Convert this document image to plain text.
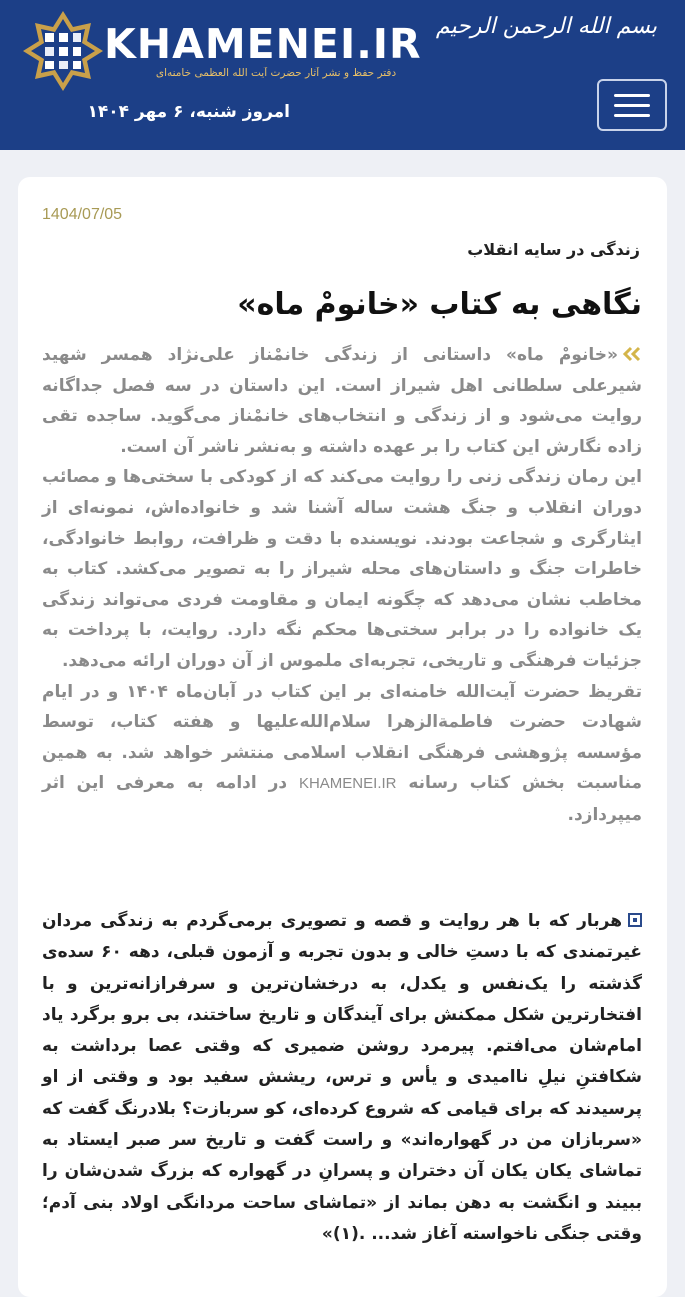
KHAMENEI.IR
دفتر حفظ و نشر آثار حضرت آیت الله العظمی خامنه‌ای
بسم الله الرحمن الرحیم
امروز شنبه، ۶ مهر ۱۴۰۴
1404/07/05
زندگی در سایه انقلاب
نگاهی به کتاب «خانومْ ماه»

«خانومْ ماه» داستانی از زندگی خانمْناز علی‌نژاد همسر شهید شیرعلی سلطانی اهل شیراز است. این داستان در سه فصل جداگانه روایت می‌شود و از زندگی و انتخاب‌های خانمْناز می‌گوید. ساجده تقی زاده نگارش این کتاب را بر عهده داشته و به‌نشر ناشر آن است.

این رمان زندگی زنی را روایت می‌کند که از کودکی با سختی‌ها و مصائب دوران انقلاب و جنگ هشت ساله آشنا شد و خانواده‌اش، نمونه‌ای از ایثارگری و شجاعت بودند. نویسنده با دقت و ظرافت، روابط خانوادگی، خاطرات جنگ و داستان‌های محله شیراز را به تصویر می‌کشد. کتاب به مخاطب نشان می‌دهد که چگونه ایمان و مقاومت فردی می‌تواند زندگی یک خانواده را در برابر سختی‌ها محکم نگه دارد. روایت، با پرداخت به جزئیات فرهنگی و تاریخی، تجربه‌ای ملموس از آن دوران ارائه می‌دهد.

تقریظ حضرت آیت‌الله خامنه‌ای بر این کتاب در آبان‌ماه ۱۴۰۴ و در ایام شهادت حضرت فاطمةالزهرا سلام‌الله‌علیها و هفته کتاب، توسط مؤسسه پژوهشی فرهنگی انقلاب اسلامی منتشر خواهد شد. به همین مناسبت بخش کتاب رسانه KHAMENEI.IR در ادامه به معرفی این اثر میپردازد.

هربار که با هر روایت و قصه و تصویری برمی‌گردم به زندگی مردان غیرتمندی که با دستِ خالی و بدون تجربه و آزمون قبلی، دهه ۶۰ سده‌ی گذشته را یک‌نفس و یکدل، به درخشان‌ترین و سرفرازانه‌ترین و با افتخارترین شکل ممکنش برای آیندگان و تاریخ ساختند، بی برو برگرد یاد امام‌شان می‌افتم. پیرمرد روشن ضمیری که وقتی عصا برداشت به شکافتنِ نیلِ ناامیدی و یأس و ترس، ریشش سفید بود و وقتی از او پرسیدند که برای قیامی که شروع کرده‌ای، کو سربازت؟ بلادرنگ گفت که «سربازان من در گهواره‌اند» و راست گفت و تاریخ سر صبر ایستاد به تماشای یکان یکان آن دختران و پسرانِ در گهواره که بزرگ شدن‌شان را ببیند و انگشت به دهن بماند از «تماشای ساحت مردانگی اولاد بنی آدم؛ وقتی جنگی ناخواسته آغاز شد... .(۱)»
